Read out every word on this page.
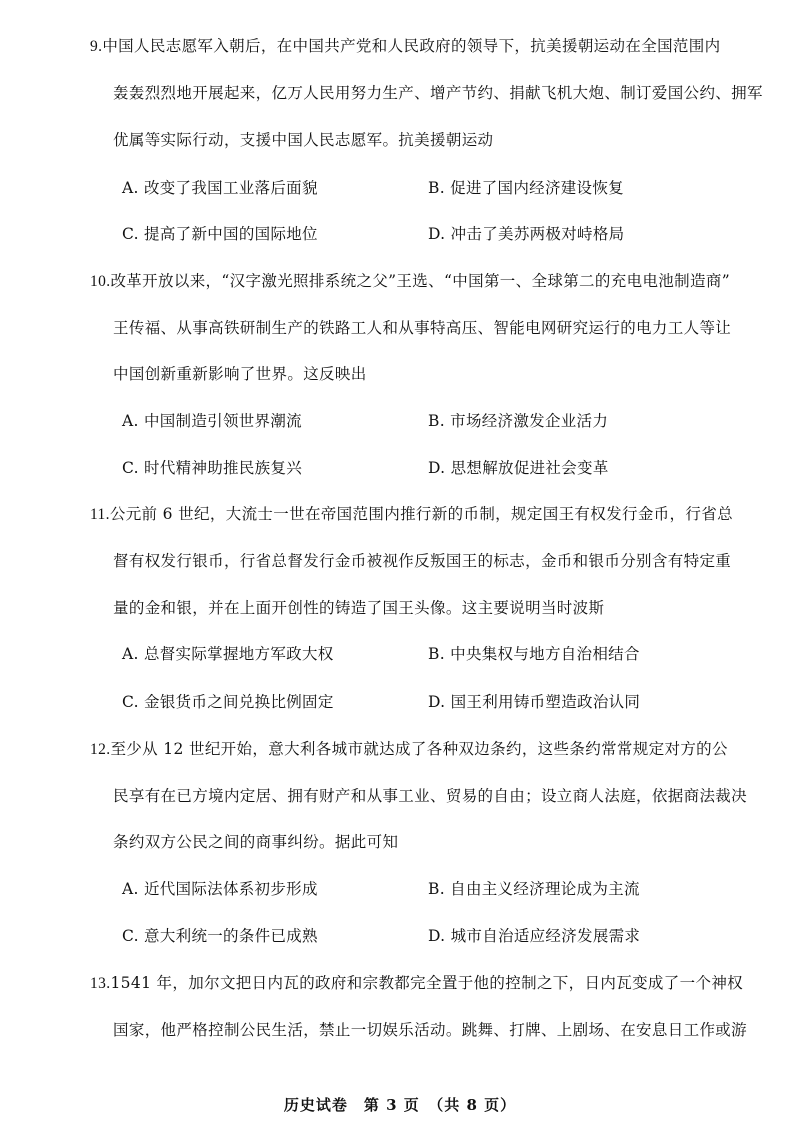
9.中国人民志愿军入朝后，在中国共产党和人民政府的领导下，抗美援朝运动在全国范围内
轰轰烈烈地开展起来，亿万人民用努力生产、增产节约、捐献飞机大炮、制订爱国公约、拥军
优属等实际行动，支援中国人民志愿军。抗美援朝运动
A. 改变了我国工业落后面貌	B. 促进了国内经济建设恢复
C. 提高了新中国的国际地位	D. 冲击了美苏两极对峙格局
10.改革开放以来，“汉字激光照排系统之父”王选、“中国第一、全球第二的充电电池制造商”
王传福、从事高铁研制生产的铁路工人和从事特高压、智能电网研究运行的电力工人等让
中国创新重新影响了世界。这反映出
A. 中国制造引领世界潮流	B. 市场经济激发企业活力
C. 时代精神助推民族复兴	D. 思想解放促进社会变革
11.公元前 6 世纪，大流士一世在帝国范围内推行新的币制，规定国王有权发行金币，行省总
督有权发行银币，行省总督发行金币被视作反叛国王的标志，金币和银币分别含有特定重
量的金和银，并在上面开创性的铸造了国王头像。这主要说明当时波斯
A. 总督实际掌握地方军政大权	B. 中央集权与地方自治相结合
C. 金银货币之间兑换比例固定	D. 国王利用铸币塑造政治认同
12.至少从 12 世纪开始，意大利各城市就达成了各种双边条约，这些条约常常规定对方的公
民享有在已方境内定居、拥有财产和从事工业、贸易的自由；设立商人法庭，依据商法裁决
条约双方公民之间的商事纠纷。据此可知
A. 近代国际法体系初步形成	B. 自由主义经济理论成为主流
C. 意大利统一的条件已成熟	D. 城市自治适应经济发展需求
13.1541 年，加尔文把日内瓦的政府和宗教都完全置于他的控制之下，日内瓦变成了一个神权
国家，他严格控制公民生活，禁止一切娱乐活动。跳舞、打牌、上剧场、在安息日工作或游
历史试卷　第 3 页　（共 8 页）
